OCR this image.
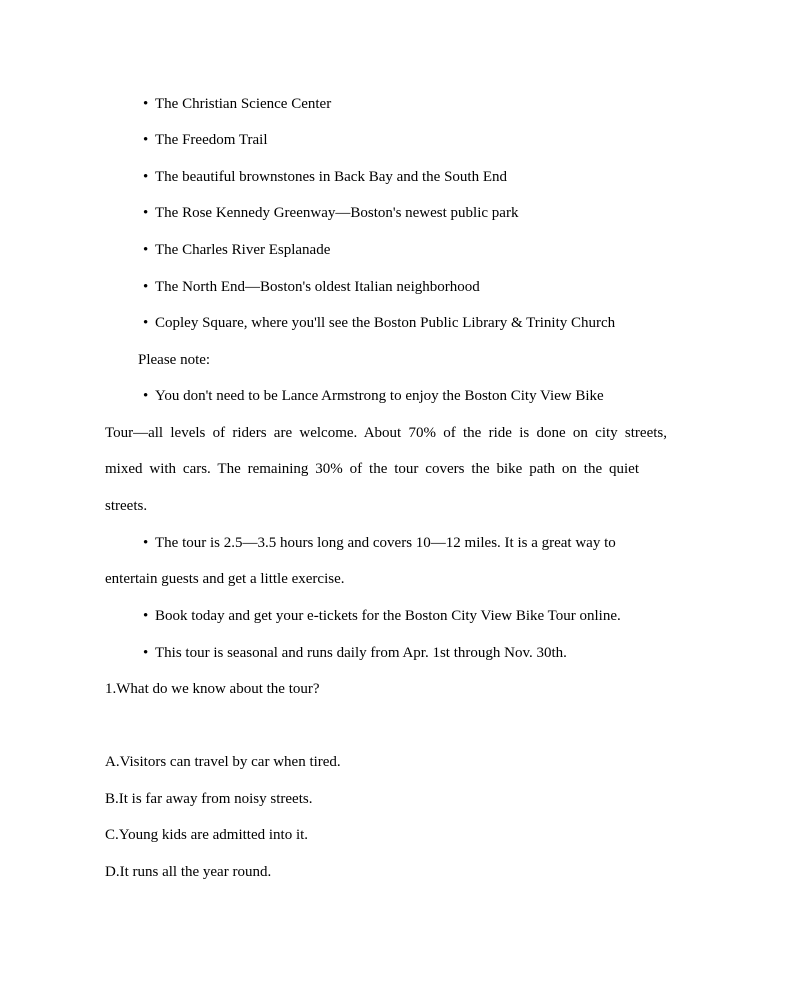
• The Christian Science Center
• The Freedom Trail
• The beautiful brownstones in Back Bay and the South End
• The Rose Kennedy Greenway—Boston's newest public park
• The Charles River Esplanade
• The North End—Boston's oldest Italian neighborhood
• Copley Square, where you'll see the Boston Public Library & Trinity Church
Please note:
• You don't need to be Lance Armstrong to enjoy the Boston City View Bike
Tour—all levels of riders are welcome. About 70% of the ride is done on city streets,
mixed with cars. The remaining 30% of the tour covers the bike path on the quiet
streets.
• The tour is 2.5—3.5 hours long and covers 10—12 miles. It is a great way to
entertain guests and get a little exercise.
• Book today and get your e-tickets for the Boston City View Bike Tour online.
• This tour is seasonal and runs daily from Apr. 1st through Nov. 30th.
1.What do we know about the tour?
A.Visitors can travel by car when tired.
B.It is far away from noisy streets.
C.Young kids are admitted into it.
D.It runs all the year round.
